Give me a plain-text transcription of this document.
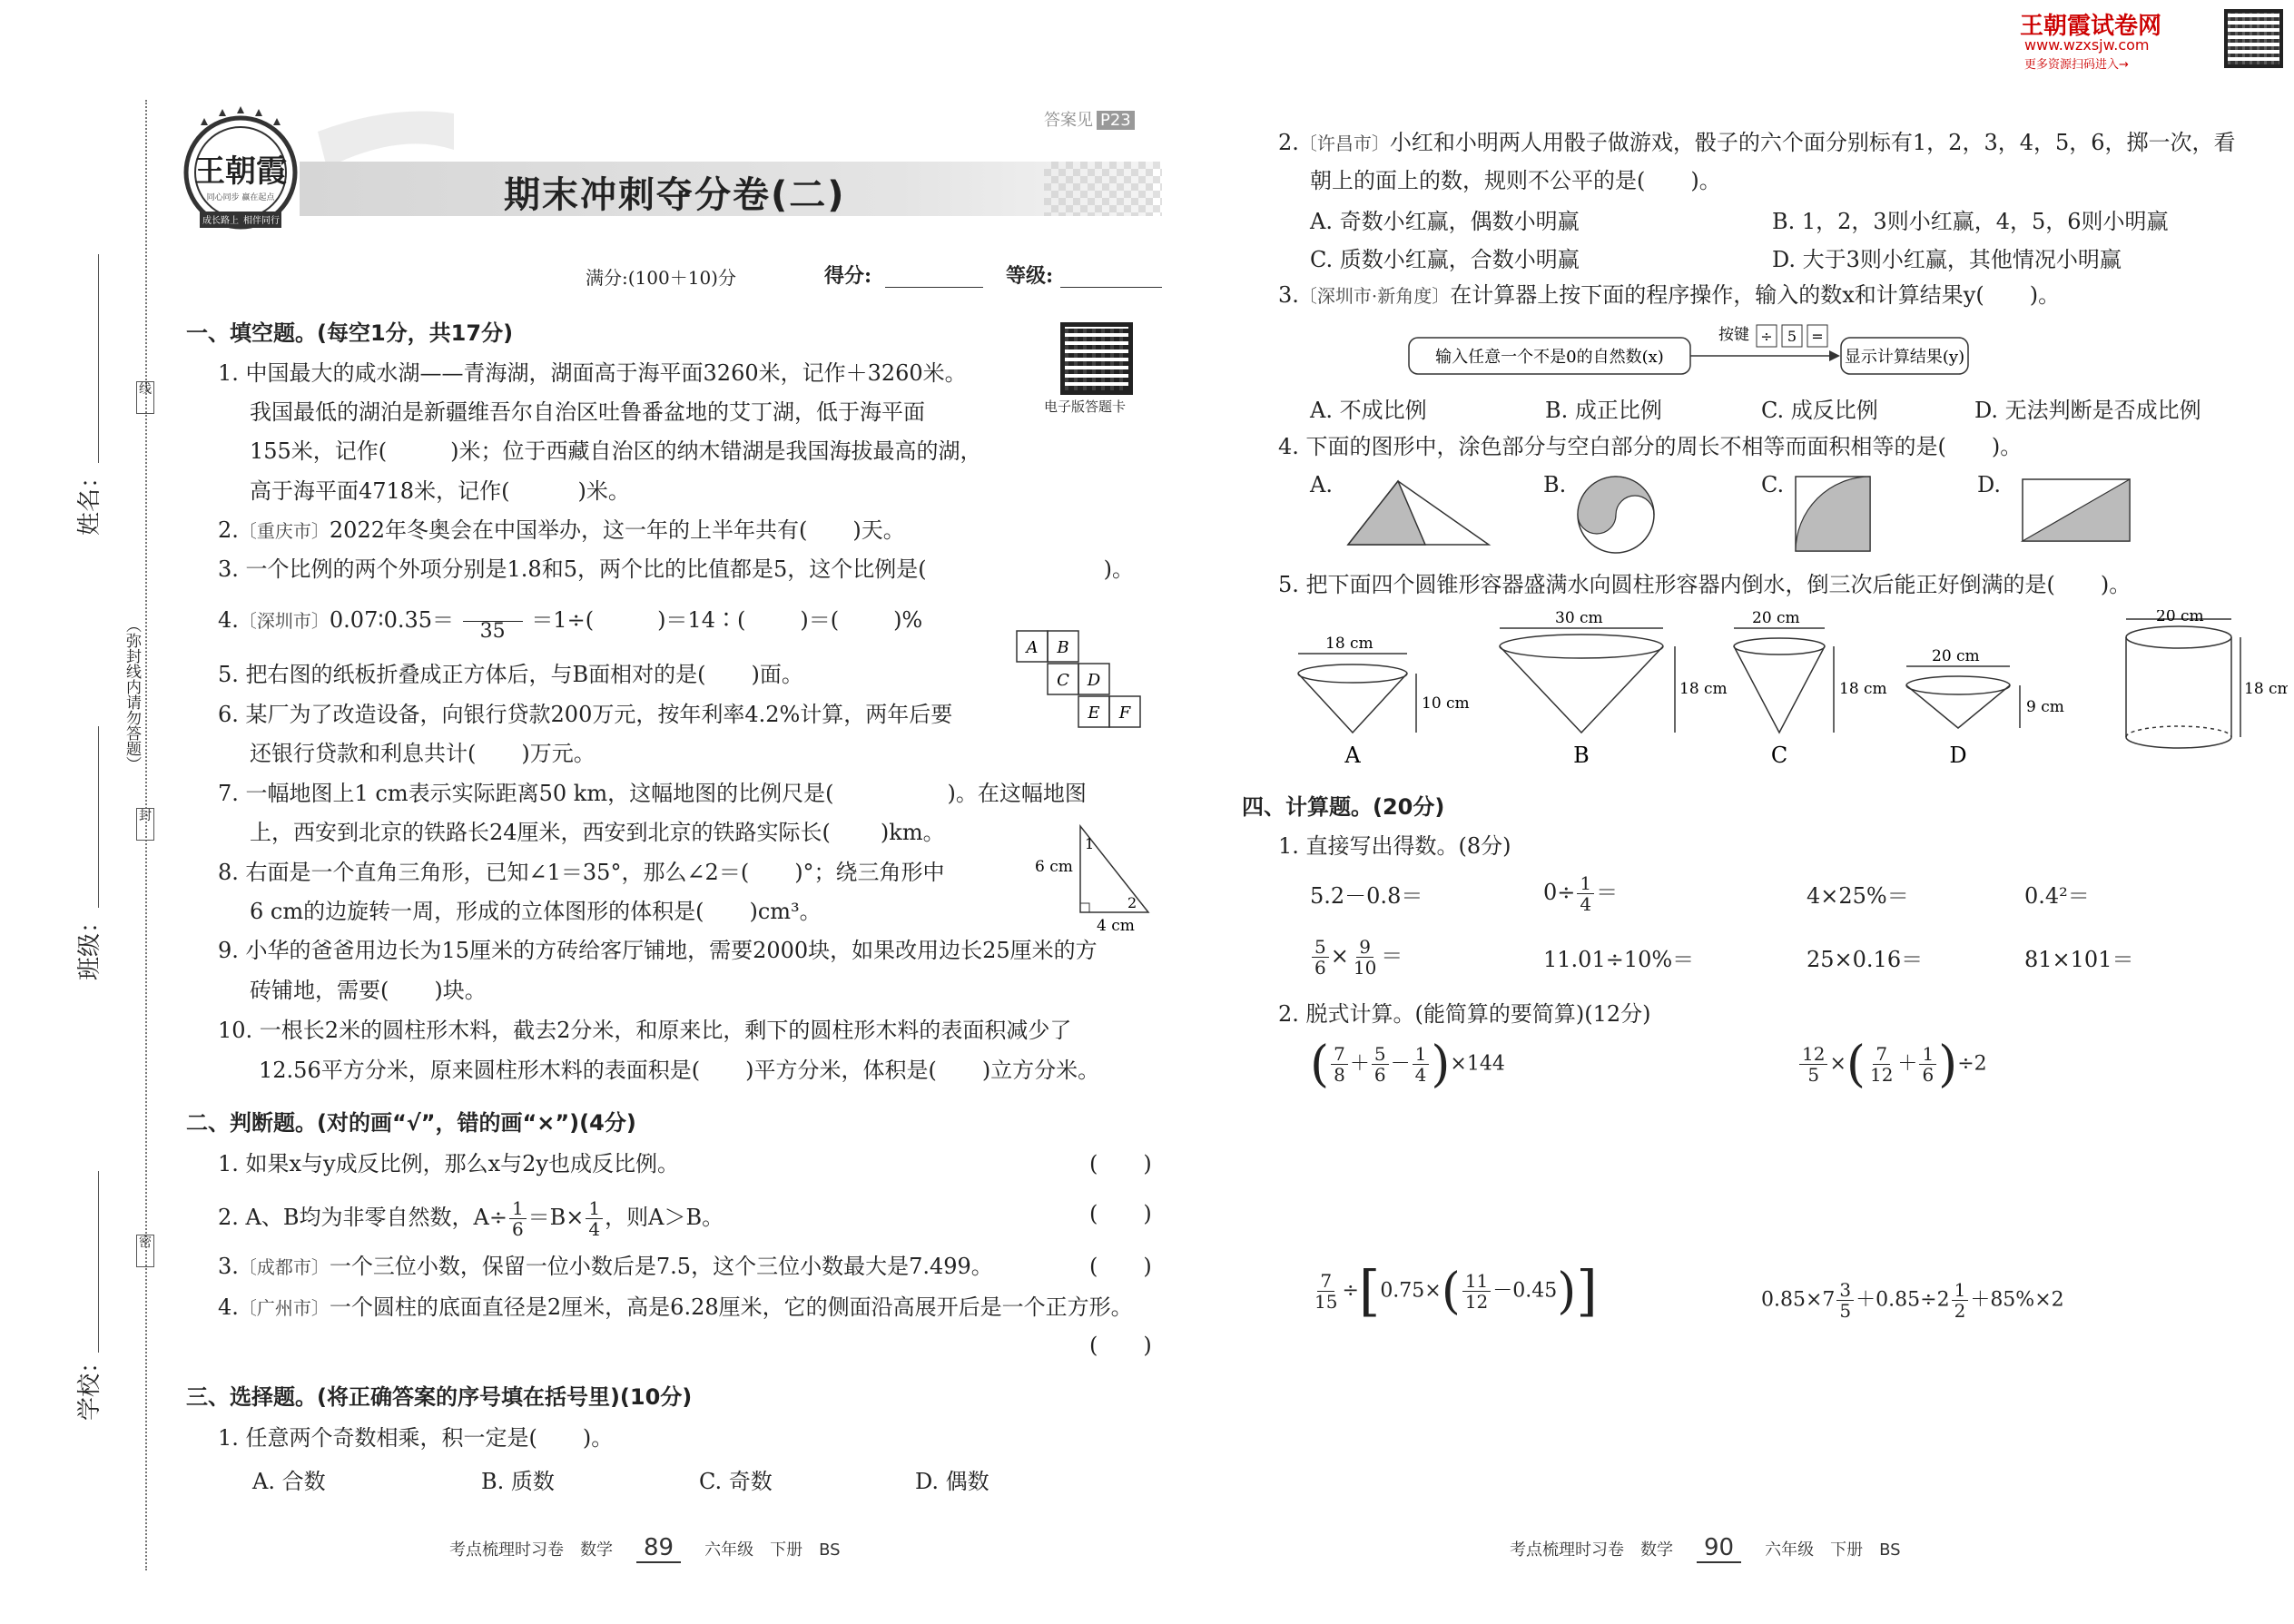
姓名：
班级：
学校：
线
封
密
（弥封线内请勿答题）
王朝霞
同心同步 赢在起点
成长路上 相伴同行
答案见 P23
期末冲刺夺分卷(二)
满分:(100＋10)分	得分:	等级:
电子版答题卡
一、填空题。(每空1分，共17分)
1. 中国最大的咸水湖——青海湖，湖面高于海平面3260米，记作＋3260米。
我国最低的湖泊是新疆维吾尔自治区吐鲁番盆地的艾丁湖，低于海平面
155米，记作(	)米；位于西藏自治区的纳木错湖是我国海拔最高的湖，
高于海平面4718米，记作(	)米。
2.〔重庆市〕2022年冬奥会在中国举办，这一年的上半年共有( )天。
3. 一个比例的两个外项分别是1.8和5，两个比的比值都是5，这个比例是(	)。
4.〔深圳市〕0.07∶0.35＝ 35 ＝1÷(	)＝14∶(	)＝(	)%
5. 把右图的纸板折叠成正方体后，与B面相对的是( )面。
A B
C D
E F
6. 某厂为了改造设备，向银行贷款200万元，按年利率4.2%计算，两年后要
还银行贷款和利息共计( )万元。
7. 一幅地图上1 cm表示实际距离50 km，这幅地图的比例尺是(	)。在这幅地图
上，西安到北京的铁路长24厘米，西安到北京的铁路实际长( )km。
8. 右面是一个直角三角形，已知∠1＝35°，那么∠2＝( )°；绕三角形中
6 cm的边旋转一周，形成的立体图形的体积是( )cm³。
6 cm
4 cm
1
2
9. 小华的爸爸用边长为15厘米的方砖给客厅铺地，需要2000块，如果改用边长25厘米的方
砖铺地，需要( )块。
10. 一根长2米的圆柱形木料，截去2分米，和原来比，剩下的圆柱形木料的表面积减少了
12.56平方分米，原来圆柱形木料的表面积是( )平方分米，体积是( )立方分米。
二、判断题。(对的画“√”，错的画“×”)(4分)
1. 如果x与y成反比例，那么x与2y也成反比例。	( )
2. A、B均为非零自然数，$A\div \frac{1}{6} =B\times \frac{1}{4}$ ，则A＞B。	( )
3.〔成都市〕一个三位小数，保留一位小数后是7.5，这个三位小数最大是7.499。	( )
4.〔广州市〕一个圆柱的底面直径是2厘米，高是6.28厘米，它的侧面沿高展开后是一个正方形。
( )
三、选择题。(将正确答案的序号填在括号里)(10分)
1. 任意两个奇数相乘，积一定是( )。
A. 合数	B. 质数	C. 奇数	D. 偶数
考点梳理时习卷　数学 89 六年级　下册　BS
王朝霞试卷网
www.wzxsjw.com
更多资源扫码进入→
2.〔许昌市〕小红和小明两人用骰子做游戏，骰子的六个面分别标有1，2，3，4，5，6，掷一次，看
朝上的面上的数，规则不公平的是( )。
A. 奇数小红赢，偶数小明赢	B. 1，2，3则小红赢，4，5，6则小明赢
C. 质数小红赢，合数小明赢	D. 大于3则小红赢，其他情况小明赢
3.〔深圳市·新角度〕在计算器上按下面的程序操作，输入的数x和计算结果y( )。
输入任意一个不是0的自然数(x)
按键 ÷ 5 =
显示计算结果(y)
A. 不成比例	B. 成正比例	C. 成反比例	D. 无法判断是否成比例
4. 下面的图形中，涂色部分与空白部分的周长不相等而面积相等的是( )。
A.	B.	C.	D.
5. 把下面四个圆锥形容器盛满水向圆柱形容器内倒水，倒三次后能正好倒满的是( )。
18 cm
10 cm
A
30 cm
18 cm
B
20 cm
18 cm
C
20 cm
9 cm
D
20 cm
18 cm
四、计算题。(20分)
1. 直接写出得数。(8分)
5.2－0.8＝	$0\div \frac{1}{4}$ ＝	4×25%＝	0.4²＝
$\frac{5}{6} \times \frac{9}{10}$ ＝	11.01÷10%＝	25×0.16＝	81×101＝
2. 脱式计算。(能简算的要简算)(12分)
( $\frac{7}{8} + \frac{5}{6} - \frac{1}{4} )\times 144$	$\frac{12}{5}$ ×( $\frac{7}{12} + \frac{1}{6} )\div 2$
$\frac{7}{15} \div[0.75\times( \frac{11}{12} -0.45)]$	$0.85\times 7 \frac{3}{5} +0.85\div 2 \frac{1}{2} +85\%\times 2$
考点梳理时习卷　数学 90 六年级　下册　BS
